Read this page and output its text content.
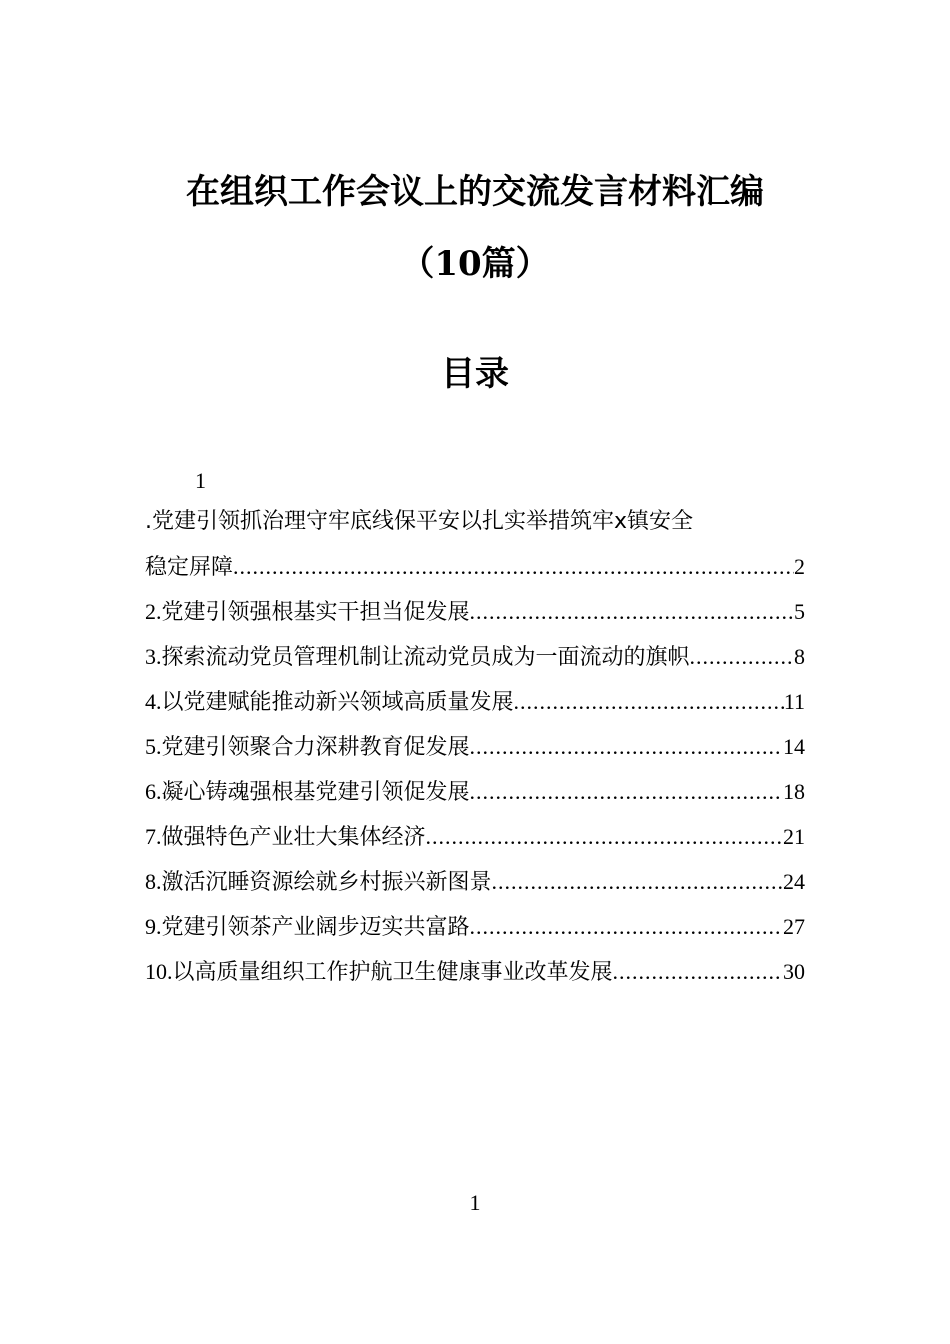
在组织工作会议上的交流发言材料汇编
（10篇）
目录
1
.党建引领抓治理守牢底线保平安以扎实举措筑牢x镇安全
稳定屏障 .....	2
2.党建引领强根基实干担当促发展 .....	5
3.探索流动党员管理机制让流动党员成为一面流动的旗帜 .....	8
4.以党建赋能推动新兴领域高质量发展 .....	11
5.党建引领聚合力深耕教育促发展 .....	14
6.凝心铸魂强根基党建引领促发展 .....	18
7.做强特色产业壮大集体经济 .....	21
8.激活沉睡资源绘就乡村振兴新图景 .....	24
9.党建引领茶产业阔步迈实共富路 .....	27
10.以高质量组织工作护航卫生健康事业改革发展 .....	30
1
